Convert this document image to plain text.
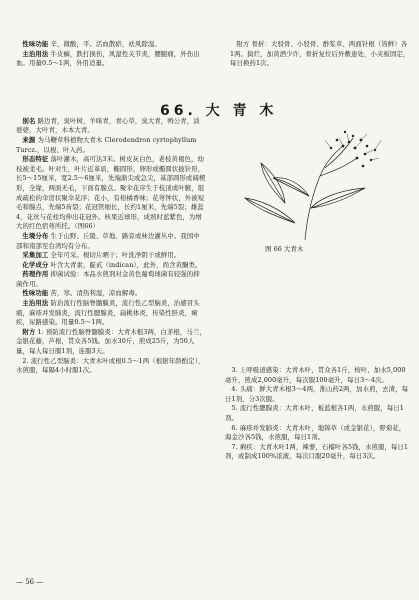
性味功能 辛、微酸，平。活血散瘀，祛风除湿。

主治用法 牛皮癣，跌打损伤，风湿性关节炎，腰腿痛，外伤出血。用量0.5～1两，外用适量。

别名 路边青，臭叶树，羊咪青，青心草，臭大青，鸭公青，淡婆婆，大叶青，木本大青。

来源 为马鞭草科植物大青木 Clerodendron cyrtophyllum Turcz.，以根、叶入药。

形态特征 落叶灌木，高可达3米。树皮灰白色，老枝黄褐色，幼枝被柔毛。叶对生，叶片近革质，椭圆形，卵形或椭圆状披针形，长5～15厘米，宽2.5～6厘米，先端渐尖或急尖，基部圆形或阔楔形，全缘，两面无毛，下面有腺点。聚伞花序生于枝顶或叶腋，组成疏松的伞房状聚伞花序；花小，有柑橘香味；花萼钟状，外被短毛和腺点，先端5齿裂；花冠管细长，长约1厘米，先端5裂；雄蕊4，花丝与花柱均伸出花冠外。核果近球形，成熟时蓝紫色，为增大的红色宿萼所托。（图66）

生境分布 生于山野、丘陵、草地、路旁或林边灌丛中。我国中部和南部至台湾均有分布。

采集加工 全年可采。根切片晒干；叶洗净阴干或鲜用。

化学成分 叶含大青素，靛甙（indican），此外，尚含黄酮类。

药理作用 抑菌试验：本品水煎剂对金黄色葡萄球菌有较强的抑菌作用。

性味功能 苦，寒。清热利湿，凉血解毒。

主治用法 防治流行性脑脊髓膜炎，流行性乙型脑炎，治感冒头痛，麻疹并发肺炎，流行性腮腺炎，扁桃体炎，传染性肝炎，痢疾，尿路感染。用量0.5～1两。

附方 1. 预防流行性脑脊髓膜炎：大青木根3两，白茅根，马兰，金银花藤，芦根，贯众各5钱。加水30斤，煎成25斤，为50人量，每人每日服1剂，连服3天。

2. 流行性乙型脑炎：大青木叶或根0.5～1两（根据年龄酌定），水煎服，每隔4小时服1次。

附方 骨折：大驳骨、小驳骨、酢浆草、两面针根（皆鲜）各1两。捣烂，加黄酒少许，骨折复位后外敷患处，小夹板固定，每日换药1次。

66. 大 青 木
图 66 大青木

3. 上呼吸道感染：大青木叶，贯众各1斤，桉叶，加水5,000毫升，煎成2,000毫升，每次服100毫升，每日3～4次。

4. 头痛：鲜大青木根3～4两，淮山药2两，加水煎，去渣，每日1剂，分3次服。

5. 流行性腮腺炎：大青木叶，板蓝根各1两，水煎服，每日1剂。

6. 麻疹并发肺炎：大青木叶，地锦草（或金银花），野菊花，海金沙各5钱，水煎服，每日1剂。

7. 痢疾：大青木叶1两，辣蓼，石榴叶各5钱，水煎服，每日1剂，或制成100%浓液，每次口服20毫升，每日3次。

— 56 —
